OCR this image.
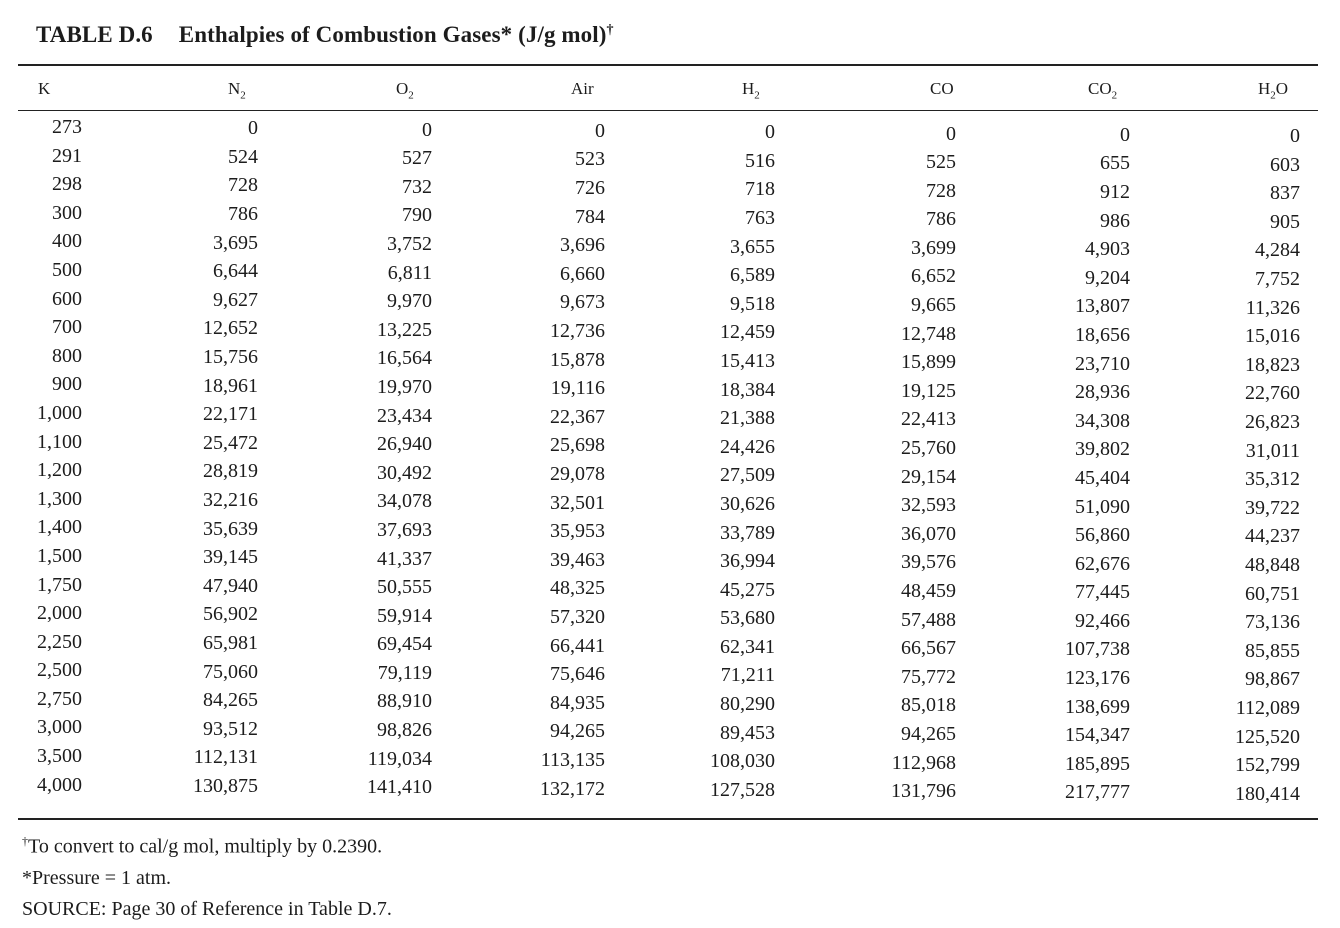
TABLE D.6 Enthalpies of Combustion Gases* (J/g mol)†
K	$N_2$	$O_2$	Air	$H_2$	CO	$CO_2$	$H_2O$
273	0	0	0	0	0	0	0
291	524	527	523	516	525	655	603
298	728	732	726	718	728	912	837
300	786	790	784	763	786	986	905
400	3,695	3,752	3,696	3,655	3,699	4,903	4,284
500	6,644	6,811	6,660	6,589	6,652	9,204	7,752
600	9,627	9,970	9,673	9,518	9,665	13,807	11,326
700	12,652	13,225	12,736	12,459	12,748	18,656	15,016
800	15,756	16,564	15,878	15,413	15,899	23,710	18,823
900	18,961	19,970	19,116	18,384	19,125	28,936	22,760
1,000	22,171	23,434	22,367	21,388	22,413	34,308	26,823
1,100	25,472	26,940	25,698	24,426	25,760	39,802	31,011
1,200	28,819	30,492	29,078	27,509	29,154	45,404	35,312
1,300	32,216	34,078	32,501	30,626	32,593	51,090	39,722
1,400	35,639	37,693	35,953	33,789	36,070	56,860	44,237
1,500	39,145	41,337	39,463	36,994	39,576	62,676	48,848
1,750	47,940	50,555	48,325	45,275	48,459	77,445	60,751
2,000	56,902	59,914	57,320	53,680	57,488	92,466	73,136
2,250	65,981	69,454	66,441	62,341	66,567	107,738	85,855
2,500	75,060	79,119	75,646	71,211	75,772	123,176	98,867
2,750	84,265	88,910	84,935	80,290	85,018	138,699	112,089
3,000	93,512	98,826	94,265	89,453	94,265	154,347	125,520
3,500	112,131	119,034	113,135	108,030	112,968	185,895	152,799
4,000	130,875	141,410	132,172	127,528	131,796	217,777	180,414
†To convert to cal/g mol, multiply by 0.2390.
*Pressure = 1 atm.
SOURCE: Page 30 of Reference in Table D.7.
